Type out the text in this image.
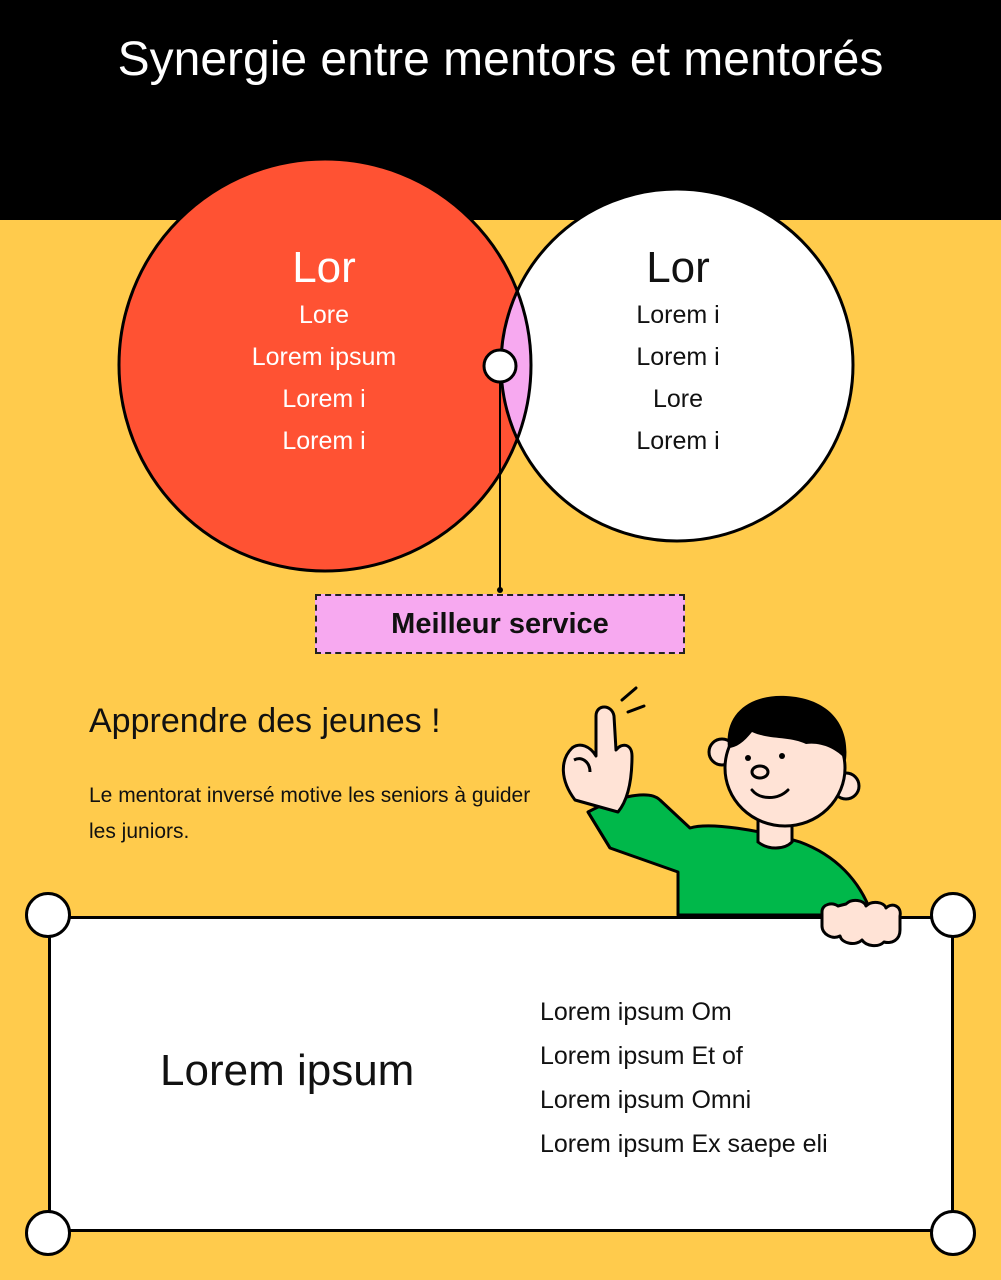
Synergie entre mentors et mentorés
Lor
Lore
Lorem ipsum
Lorem i
Lorem i
Lor
Lorem i
Lorem i
Lore
Lorem i
Meilleur service
Apprendre des jeunes !

Le mentorat inversé motive les seniors à guider les juniors.

Lorem ipsum
Lorem ipsum Om
Lorem ipsum Et of
Lorem ipsum Omni
Lorem ipsum Ex saepe eli
